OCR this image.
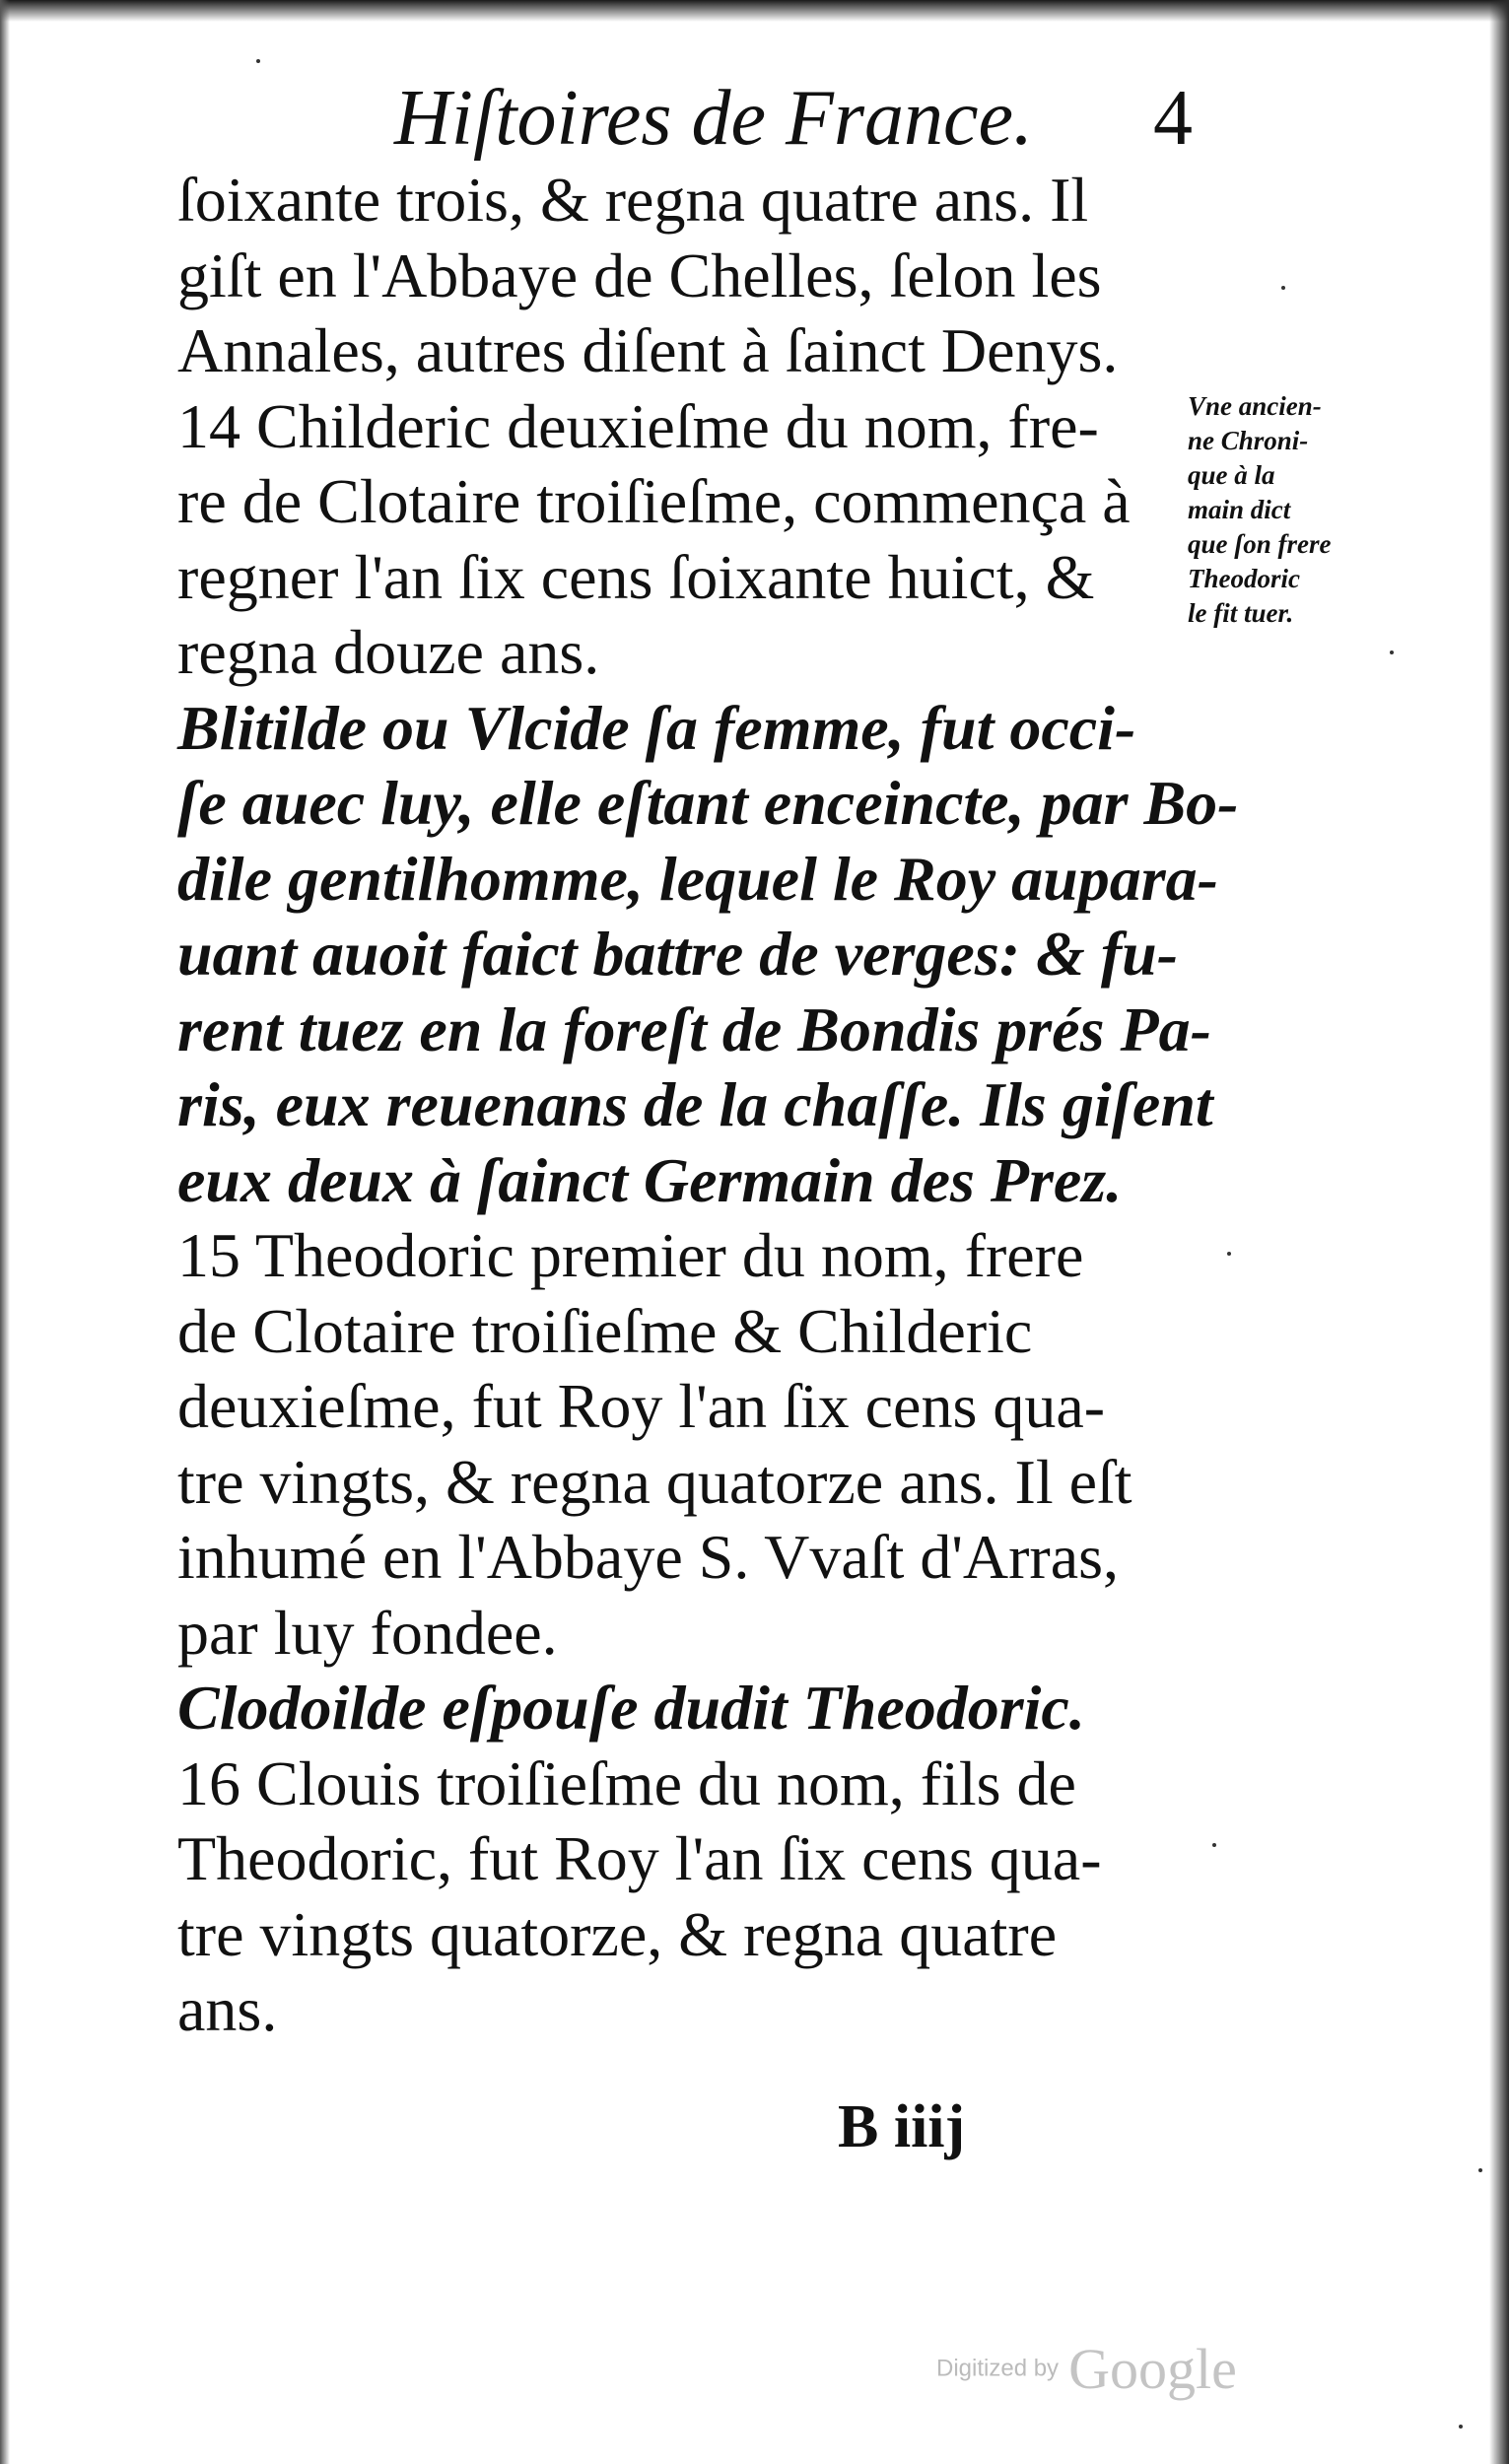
Hiſtoires de France. 4
ſoixante trois, & regna quatre ans. Il
giſt en l'Abbaye de Chelles, ſelon les
Annales, autres diſent à ſainct Denys.
14 Childeric deuxieſme du nom, fre-
re de Clotaire troiſieſme, commença à
regner l'an ſix cens ſoixante huict, &
regna douze ans.
Blitilde ou Vlcide ſa femme, fut occi-
ſe auec luy, elle eſtant enceincte, par Bo-
dile gentilhomme, lequel le Roy aupara-
uant auoit faict battre de verges: & fu-
rent tuez en la foreſt de Bondis prés Pa-
ris, eux reuenans de la chaſſe. Ils giſent
eux deux à ſainct Germain des Prez.
15 Theodoric premier du nom, frere
de Clotaire troiſieſme & Childeric
deuxieſme, fut Roy l'an ſix cens qua-
tre vingts, & regna quatorze ans. Il eſt
inhumé en l'Abbaye S. Vvaſt d'Arras,
par luy fondee.
Clodoilde eſpouſe dudit Theodoric.
16 Clouis troiſieſme du nom, fils de
Theodoric, fut Roy l'an ſix cens qua-
tre vingts quatorze, & regna quatre
ans.
Vne ancien-
ne Chroni-
que à la
main dict
que ſon frere
Theodoric
le fit tuer.
B iiij
Digitized by Google
